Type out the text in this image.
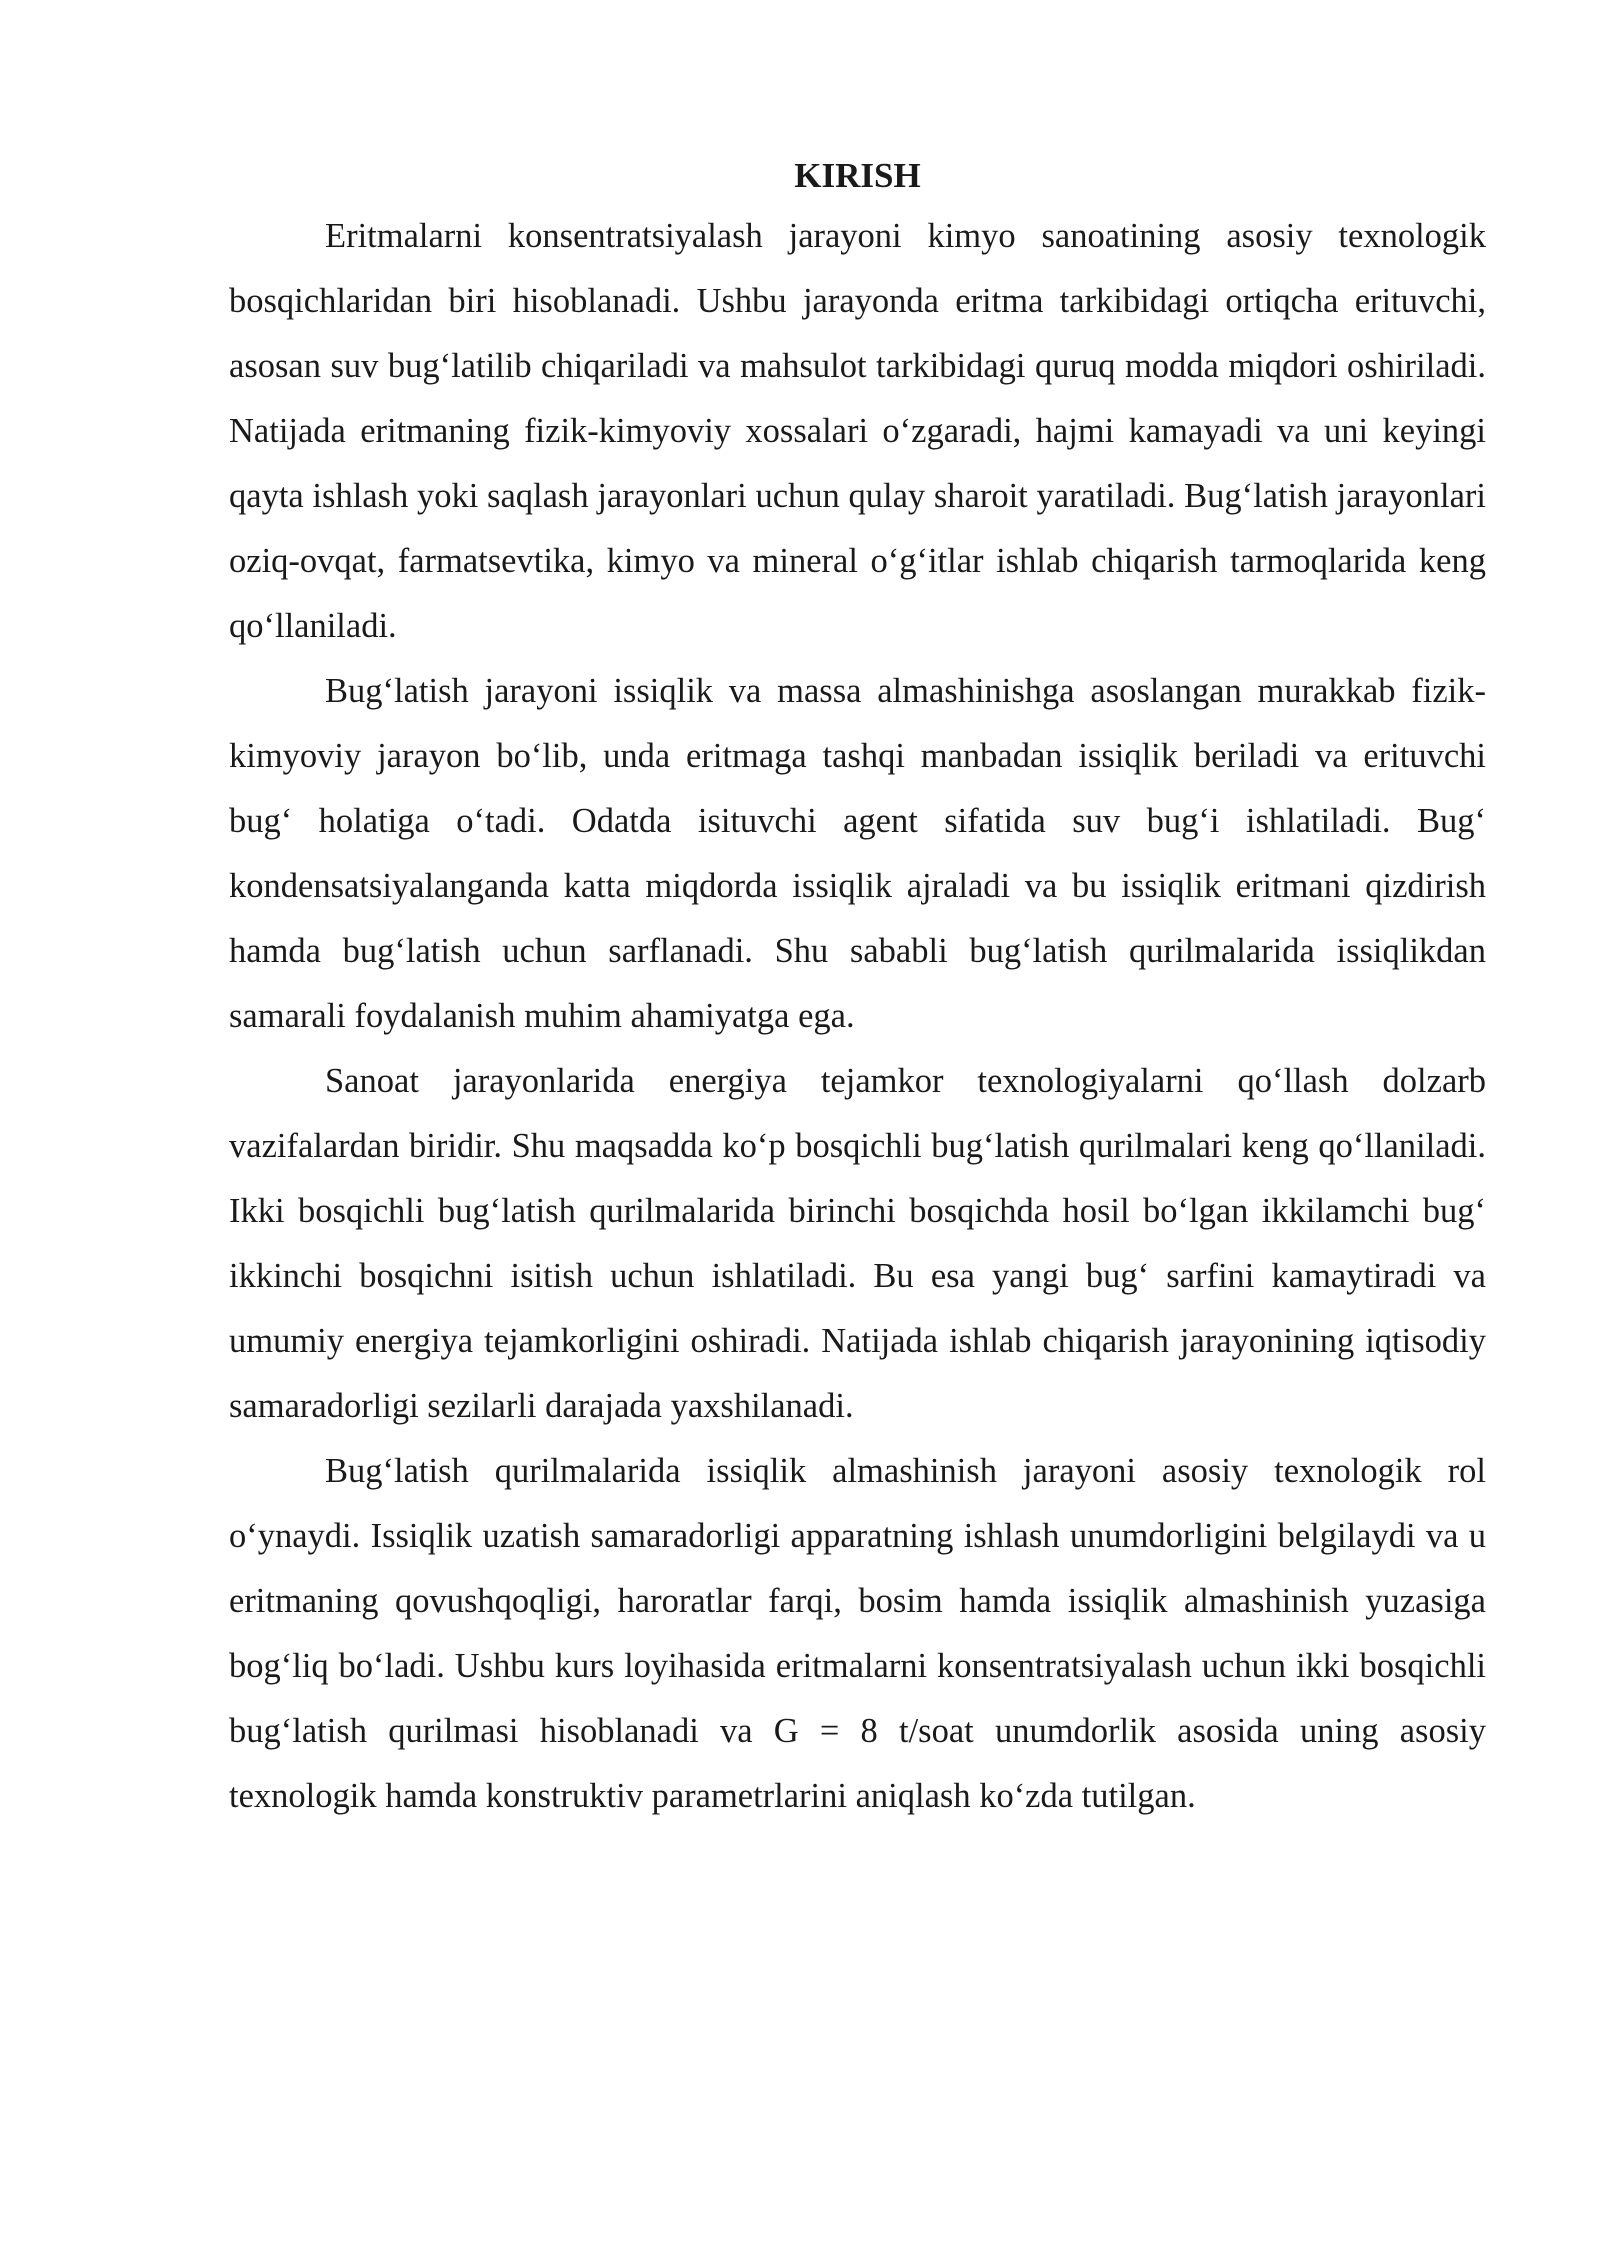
KIRISH

Eritmalarni konsentratsiyalash jarayoni kimyo sanoatining asosiy texnologik bosqichlaridan biri hisoblanadi. Ushbu jarayonda eritma tarkibidagi ortiqcha erituvchi, asosan suv bug‘latilib chiqariladi va mahsulot tarkibidagi quruq modda miqdori oshiriladi. Natijada eritmaning fizik-kimyoviy xossalari o‘zgaradi, hajmi kamayadi va uni keyingi qayta ishlash yoki saqlash jarayonlari uchun qulay sharoit yaratiladi. Bug‘latish jarayonlari oziq-ovqat, farmatsevtika, kimyo va mineral o‘g‘itlar ishlab chiqarish tarmoqlarida keng qo‘llaniladi.

Bug‘latish jarayoni issiqlik va massa almashinishga asoslangan murakkab fizik-kimyoviy jarayon bo‘lib, unda eritmaga tashqi manbadan issiqlik beriladi va erituvchi bug‘ holatiga o‘tadi. Odatda isituvchi agent sifatida suv bug‘i ishlatiladi. Bug‘ kondensatsiyalanganda katta miqdorda issiqlik ajraladi va bu issiqlik eritmani qizdirish hamda bug‘latish uchun sarflanadi. Shu sababli bug‘latish qurilmalarida issiqlikdan samarali foydalanish muhim ahamiyatga ega.

Sanoat jarayonlarida energiya tejamkor texnologiyalarni qo‘llash dolzarb vazifalardan biridir. Shu maqsadda ko‘p bosqichli bug‘latish qurilmalari keng qo‘llaniladi. Ikki bosqichli bug‘latish qurilmalarida birinchi bosqichda hosil bo‘lgan ikkilamchi bug‘ ikkinchi bosqichni isitish uchun ishlatiladi. Bu esa yangi bug‘ sarfini kamaytiradi va umumiy energiya tejamkorligini oshiradi. Natijada ishlab chiqarish jarayonining iqtisodiy samaradorligi sezilarli darajada yaxshilanadi.

Bug‘latish qurilmalarida issiqlik almashinish jarayoni asosiy texnologik rol o‘ynaydi. Issiqlik uzatish samaradorligi apparatning ishlash unumdorligini belgilaydi va u eritmaning qovushqoqligi, haroratlar farqi, bosim hamda issiqlik almashinish yuzasiga bog‘liq bo‘ladi. Ushbu kurs loyihasida eritmalarni konsentratsiyalash uchun ikki bosqichli bug‘latish qurilmasi hisoblanadi va G = 8 t/soat unumdorlik asosida uning asosiy texnologik hamda konstruktiv parametrlarini aniqlash ko‘zda tutilgan.
